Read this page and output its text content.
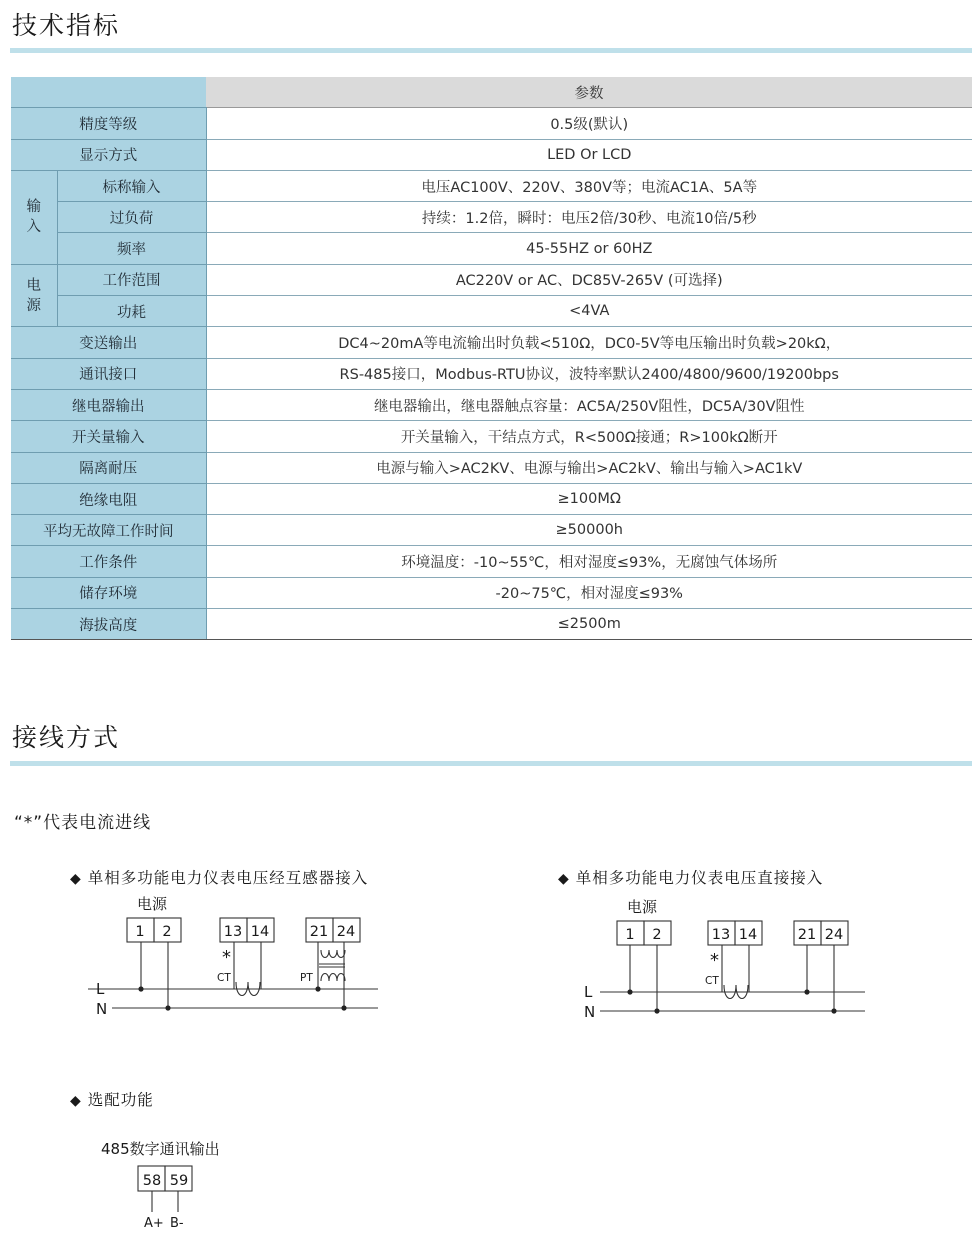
技术指标
		参数
精度等级		0.5级(默认)
显示方式		LED Or LCD
输入	标称输入	电压AC100V、220V、380V等；电流AC1A、5A等
	过负荷	持续：1.2倍，瞬时：电压2倍/30秒、电流10倍/5秒
	频率	45-55HZ or 60HZ
电源	工作范围	AC220V or AC、DC85V-265V (可选择)
	功耗	<4VA
变送输出		DC4~20mA等电流输出时负载<510Ω，DC0-5V等电压输出时负载>20kΩ，
通讯接口		RS-485接口，Modbus-RTU协议，波特率默认2400/4800/9600/19200bps
继电器输出		继电器输出，继电器触点容量：AC5A/250V阻性，DC5A/30V阻性
开关量输入		开关量输入，干结点方式，R<500Ω接通；R>100kΩ断开
隔离耐压		电源与输入>AC2KV、电源与输出>AC2kV、输出与输入>AC1kV
绝缘电阻		≥100MΩ
平均无故障工作时间		≥50000h
工作条件		环境温度：-10~55℃，相对湿度≤93%，无腐蚀气体场所
储存环境		-20~75℃，相对湿度≤93%
海拔高度		≤2500m
接线方式
“*”代表电流进线
◆ 单相多功能电力仪表电压经互感器接入	◆ 单相多功能电力仪表电压直接接入
◆ 选配功能
电源
1 2	13 14	21 24
*
CT	PT
L
N
电源
1 2	13 14	21 24
*
CT
L
N
485数字通讯输出
58 59
A+ B-
